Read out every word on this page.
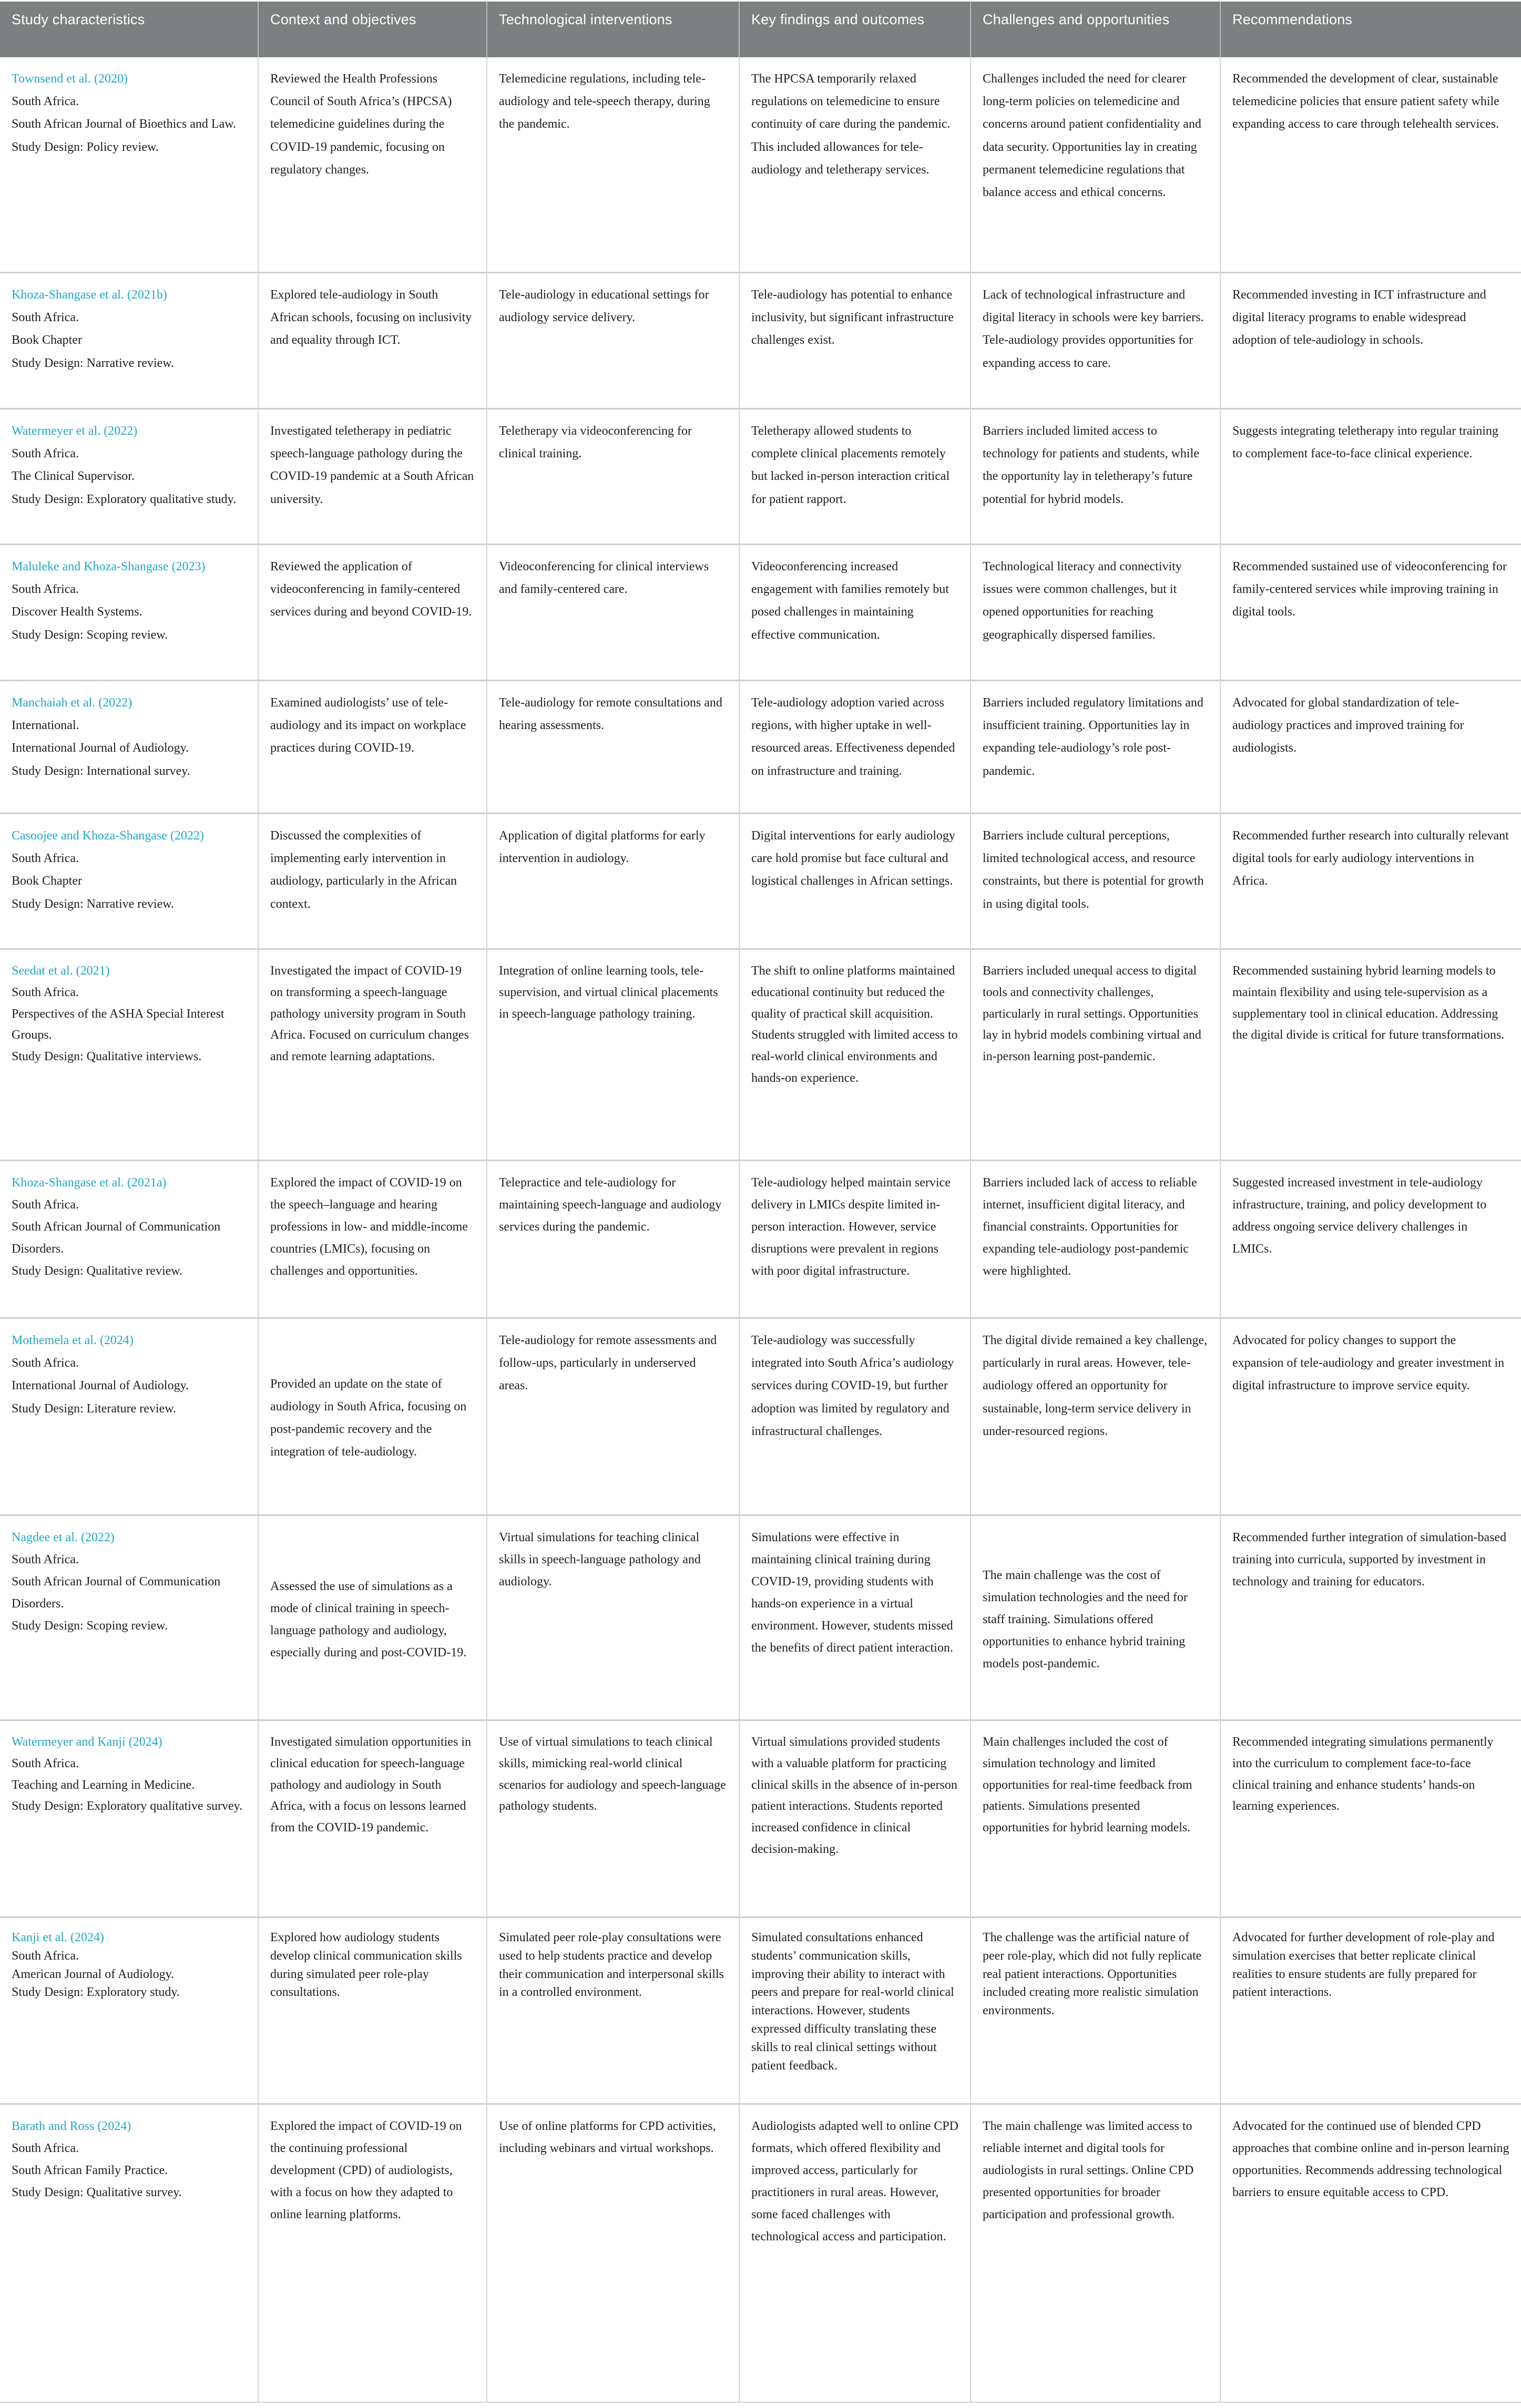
Study characteristics	Context and objectives	Technological interventions	Key findings and outcomes	Challenges and opportunities	Recommendations

Townsend et al. (2020)
South Africa.
South African Journal of Bioethics and Law.
Study Design: Policy review.
	Reviewed the Health Professions Council of South Africa’s (HPCSA) telemedicine guidelines during the COVID-19 pandemic, focusing on regulatory changes.	Telemedicine regulations, including tele-audiology and tele-speech therapy, during the pandemic.	The HPCSA temporarily relaxed regulations on telemedicine to ensure continuity of care during the pandemic. This included allowances for tele-audiology and teletherapy services.	Challenges included the need for clearer long-term policies on telemedicine and concerns around patient confidentiality and data security. Opportunities lay in creating permanent telemedicine regulations that balance access and ethical concerns.	Recommended the development of clear, sustainable telemedicine policies that ensure patient safety while expanding access to care through telehealth services.

Khoza-Shangase et al. (2021b)
South Africa.
Book Chapter
Study Design: Narrative review.	Explored tele-audiology in South African schools, focusing on inclusivity and equality through ICT.	Tele-audiology in educational settings for audiology service delivery.	Tele-audiology has potential to enhance inclusivity, but significant infrastructure challenges exist.	Lack of technological infrastructure and digital literacy in schools were key barriers. Tele-audiology provides opportunities for expanding access to care.	Recommended investing in ICT infrastructure and digital literacy programs to enable widespread adoption of tele-audiology in schools.

Watermeyer et al. (2022)
South Africa.
The Clinical Supervisor.
Study Design: Exploratory qualitative study.	Investigated teletherapy in pediatric speech-language pathology during the COVID-19 pandemic at a South African university.	Teletherapy via videoconferencing for clinical training.	Teletherapy allowed students to complete clinical placements remotely but lacked in-person interaction critical for patient rapport.	Barriers included limited access to technology for patients and students, while the opportunity lay in teletherapy’s future potential for hybrid models.	Suggests integrating teletherapy into regular training to complement face-to-face clinical experience.

Maluleke and Khoza-Shangase (2023)
South Africa.
Discover Health Systems.
Study Design: Scoping review.	Reviewed the application of videoconferencing in family-centered services during and beyond COVID-19.	Videoconferencing for clinical interviews and family-centered care.	Videoconferencing increased engagement with families remotely but posed challenges in maintaining effective communication.	Technological literacy and connectivity issues were common challenges, but it opened opportunities for reaching geographically dispersed families.	Recommended sustained use of videoconferencing for family-centered services while improving training in digital tools.

Manchaiah et al. (2022)
International.
International Journal of Audiology.
Study Design: International survey.	Examined audiologists’ use of tele-audiology and its impact on workplace practices during COVID-19.	Tele-audiology for remote consultations and hearing assessments.	Tele-audiology adoption varied across regions, with higher uptake in well-resourced areas. Effectiveness depended on infrastructure and training.	Barriers included regulatory limitations and insufficient training. Opportunities lay in expanding tele-audiology’s role post-pandemic.	Advocated for global standardization of tele-audiology practices and improved training for audiologists.

Casoojee and Khoza-Shangase (2022)
South Africa.
Book Chapter
Study Design: Narrative review.	Discussed the complexities of implementing early intervention in audiology, particularly in the African context.	Application of digital platforms for early intervention in audiology.	Digital interventions for early audiology care hold promise but face cultural and logistical challenges in African settings.	Barriers include cultural perceptions, limited technological access, and resource constraints, but there is potential for growth in using digital tools.	Recommended further research into culturally relevant digital tools for early audiology interventions in Africa.

Seedat et al. (2021)
South Africa.
Perspectives of the ASHA Special Interest Groups.
Study Design: Qualitative interviews.
	Investigated the impact of COVID-19 on transforming a speech-language pathology university program in South Africa. Focused on curriculum changes and remote learning adaptations.	Integration of online learning tools, tele-supervision, and virtual clinical placements in speech-language pathology training.	The shift to online platforms maintained educational continuity but reduced the quality of practical skill acquisition. Students struggled with limited access to real-world clinical environments and hands-on experience.	Barriers included unequal access to digital tools and connectivity challenges, particularly in rural settings. Opportunities lay in hybrid models combining virtual and in-person learning post-pandemic.	Recommended sustaining hybrid learning models to maintain flexibility and using tele-supervision as a supplementary tool in clinical education. Addressing the digital divide is critical for future transformations.

Khoza-Shangase et al. (2021a)
South Africa.
South African Journal of Communication Disorders.
Study Design: Qualitative review.	Explored the impact of COVID-19 on the speech–language and hearing professions in low- and middle-income countries (LMICs), focusing on challenges and opportunities.	Telepractice and tele-audiology for maintaining speech-language and audiology services during the pandemic.	Tele-audiology helped maintain service delivery in LMICs despite limited in-person interaction. However, service disruptions were prevalent in regions with poor digital infrastructure.	Barriers included lack of access to reliable internet, insufficient digital literacy, and financial constraints. Opportunities for expanding tele-audiology post-pandemic were highlighted.	Suggested increased investment in tele-audiology infrastructure, training, and policy development to address ongoing service delivery challenges in LMICs.

Mothemela et al. (2024)
South Africa.
International Journal of Audiology.
Study Design: Literature review.	Provided an update on the state of audiology in South Africa, focusing on post-pandemic recovery and the integration of tele-audiology.	Tele-audiology for remote assessments and follow-ups, particularly in underserved areas.	Tele-audiology was successfully integrated into South Africa’s audiology services during COVID-19, but further adoption was limited by regulatory and infrastructural challenges.	The digital divide remained a key challenge, particularly in rural areas. However, tele-audiology offered an opportunity for sustainable, long-term service delivery in under-resourced regions.	Advocated for policy changes to support the expansion of tele-audiology and greater investment in digital infrastructure to improve service equity.

Nagdee et al. (2022)
South Africa.
South African Journal of Communication Disorders.
Study Design: Scoping review.
	Assessed the use of simulations as a mode of clinical training in speech-language pathology and audiology, especially during and post-COVID-19.	Virtual simulations for teaching clinical skills in speech-language pathology and audiology.	Simulations were effective in maintaining clinical training during COVID-19, providing students with hands-on experience in a virtual environment. However, students missed the benefits of direct patient interaction.	The main challenge was the cost of simulation technologies and the need for staff training. Simulations offered opportunities to enhance hybrid training models post-pandemic.	Recommended further integration of simulation-based training into curricula, supported by investment in technology and training for educators.

Watermeyer and Kanji (2024)
South Africa.
Teaching and Learning in Medicine.
Study Design: Exploratory qualitative survey.
	Investigated simulation opportunities in clinical education for speech-language pathology and audiology in South Africa, with a focus on lessons learned from the COVID-19 pandemic.	Use of virtual simulations to teach clinical skills, mimicking real-world clinical scenarios for audiology and speech-language pathology students.	Virtual simulations provided students with a valuable platform for practicing clinical skills in the absence of in-person patient interactions. Students reported increased confidence in clinical decision-making.	Main challenges included the cost of simulation technology and limited opportunities for real-time feedback from patients. Simulations presented opportunities for hybrid learning models.	Recommended integrating simulations permanently into the curriculum to complement face-to-face clinical training and enhance students’ hands-on learning experiences.

Kanji et al. (2024)
South Africa.
American Journal of Audiology.
Study Design: Exploratory study.
	Explored how audiology students develop clinical communication skills during simulated peer role-play consultations.	Simulated peer role-play consultations were used to help students practice and develop their communication and interpersonal skills in a controlled environment.	Simulated consultations enhanced students’ communication skills, improving their ability to interact with peers and prepare for real-world clinical interactions. However, students expressed difficulty translating these skills to real clinical settings without patient feedback.	The challenge was the artificial nature of peer role-play, which did not fully replicate real patient interactions. Opportunities included creating more realistic simulation environments.	Advocated for further development of role-play and simulation exercises that better replicate clinical realities to ensure students are fully prepared for patient interactions.

Barath and Ross (2024)
South Africa.
South African Family Practice.
Study Design: Qualitative survey.
	Explored the impact of COVID-19 on the continuing professional development (CPD) of audiologists, with a focus on how they adapted to online learning platforms.	Use of online platforms for CPD activities, including webinars and virtual workshops.	Audiologists adapted well to online CPD formats, which offered flexibility and improved access, particularly for practitioners in rural areas. However, some faced challenges with technological access and participation.	The main challenge was limited access to reliable internet and digital tools for audiologists in rural settings. Online CPD presented opportunities for broader participation and professional growth.	Advocated for the continued use of blended CPD approaches that combine online and in-person learning opportunities. Recommends addressing technological barriers to ensure equitable access to CPD.
